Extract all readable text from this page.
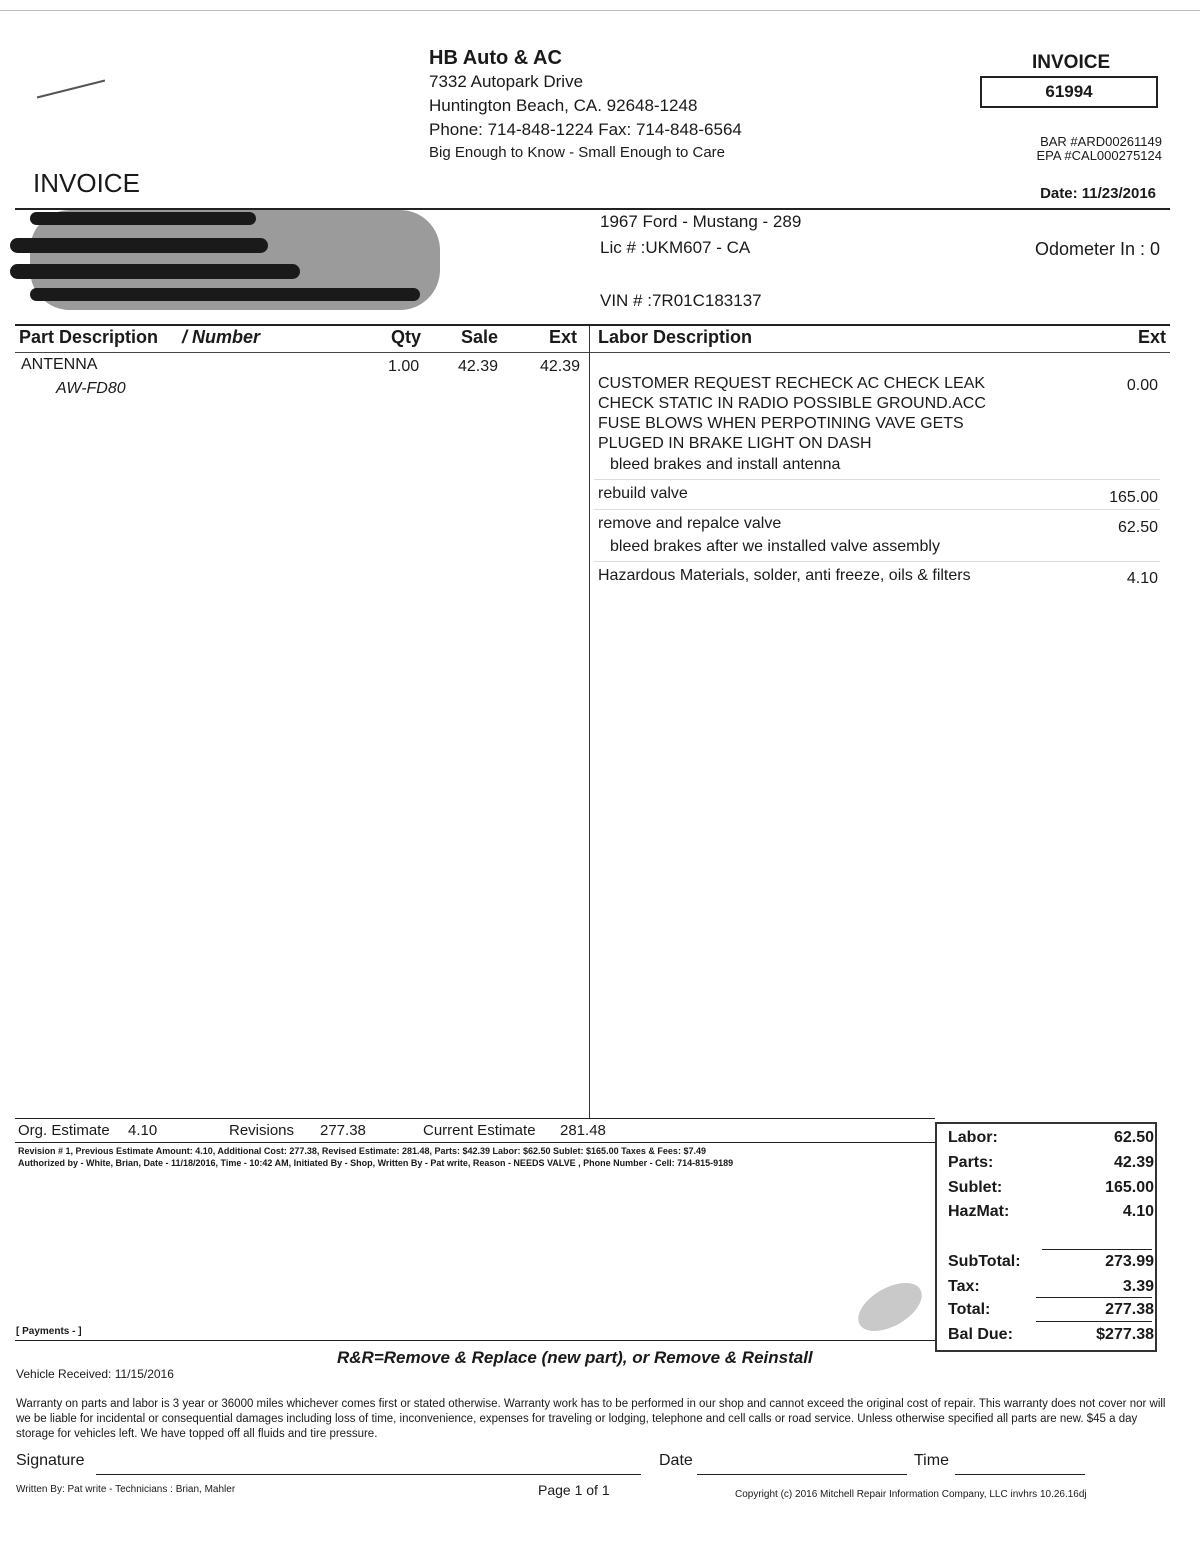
INVOICE
HB Auto & AC
7332 Autopark Drive
Huntington Beach, CA. 92648-1248
Phone: 714-848-1224 Fax: 714-848-6564
Big Enough to Know - Small Enough to Care
INVOICE
61994
BAR #ARD00261149
EPA #CAL000275124
Date: 11/23/2016
1967 Ford - Mustang - 289
Lic # :UKM607 - CA	Odometer In : 0
VIN # :7R01C183137
Part Description / Number	Qty Sale	Ext Labor Description	Ext
ANTENNA
AW-FD80
1.00 42.39	42.39
CUSTOMER REQUEST RECHECK AC CHECK LEAK
CHECK STATIC IN RADIO POSSIBLE GROUND.ACC
FUSE BLOWS WHEN PERPOTINING VAVE GETS
PLUGED IN BRAKE LIGHT ON DASH
bleed brakes and install antenna
0.00
rebuild valve	165.00
remove and repalce valve
bleed brakes after we installed valve assembly
62.50
Hazardous Materials, solder, anti freeze, oils & filters	4.10
Org. Estimate 4.10	Revisions 277.38	Current Estimate 281.48
Revision # 1, Previous Estimate Amount: 4.10, Additional Cost: 277.38, Revised Estimate: 281.48, Parts: $42.39 Labor: $62.50 Sublet: $165.00 Taxes & Fees: $7.49
Authorized by - White, Brian, Date - 11/18/2016, Time - 10:42 AM, Initiated By - Shop, Written By - Pat write, Reason - NEEDS VALVE , Phone Number - Cell: 714-815-9189
Labor:	62.50
Parts:	42.39
Sublet:	165.00
HazMat:	4.10
SubTotal:	273.99
Tax:	3.39
Total:	277.38
Bal Due:	$277.38
[ Payments - ]
R&R=Remove & Replace (new part), or Remove & Reinstall
Vehicle Received: 11/15/2016
Warranty on parts and labor is 3 year or 36000 miles whichever comes first or stated otherwise. Warranty work has to be performed in our shop and cannot exceed the original cost of repair. This warranty does not cover nor will we be liable for incidental or consequential damages including loss of time, inconvenience, expenses for traveling or lodging, telephone and cell calls or road service. Unless otherwise specified all parts are new. $45 a day storage for vehicles left. We have topped off all fluids and tire pressure.
Signature	Date	Time
Written By: Pat write - Technicians : Brian, Mahler	Page 1 of 1	Copyright (c) 2016 Mitchell Repair Information Company, LLC invhrs 10.26.16dj
